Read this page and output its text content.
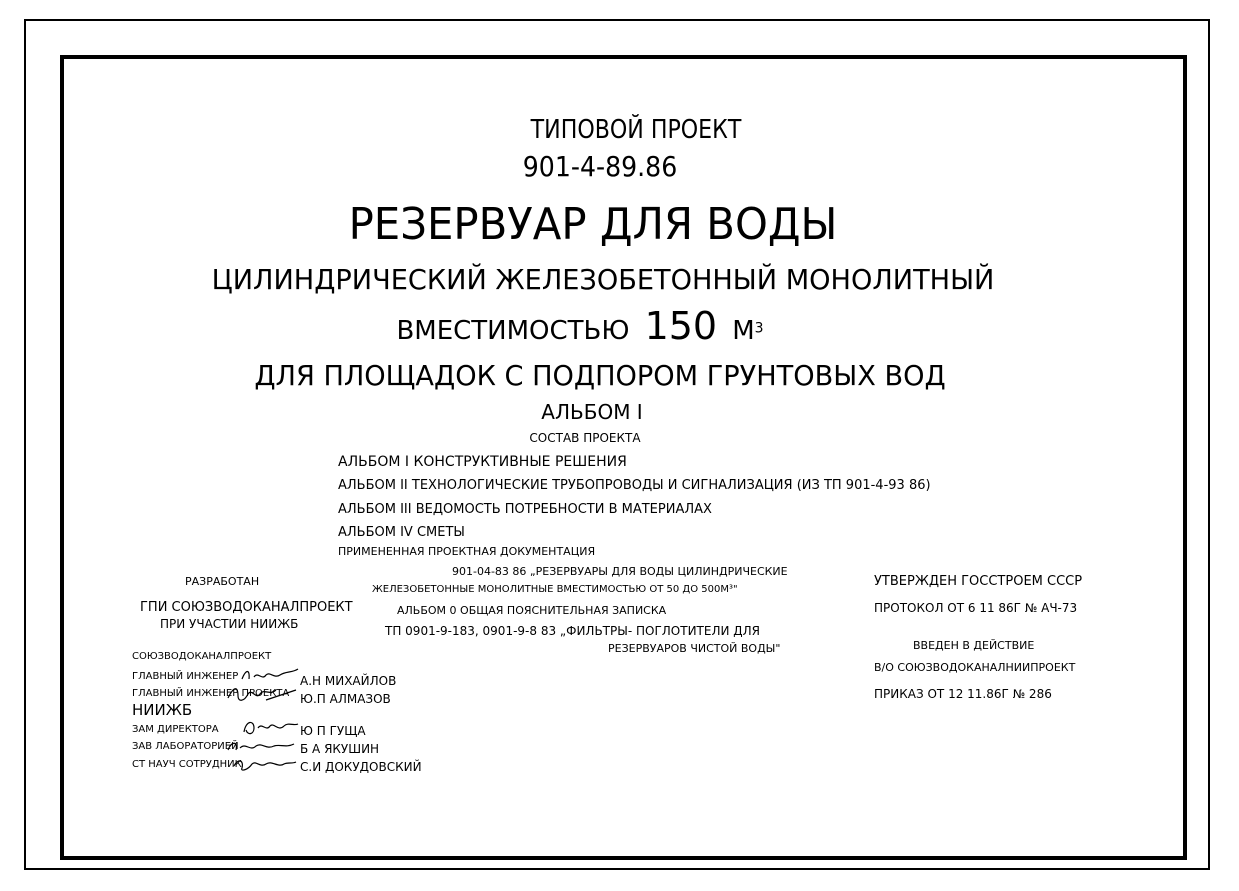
ТИПОВОЙ ПРОЕКТ
901-4-89.86
РЕЗЕРВУАР ДЛЯ ВОДЫ
ЦИЛИНДРИЧЕСКИЙ ЖЕЛЕЗОБЕТОННЫЙ МОНОЛИТНЫЙ
ВМЕСТИМОСТЬЮ 150 $М^3$
ДЛЯ ПЛОЩАДОК С ПОДПОРОМ ГРУНТОВЫХ ВОД
АЛЬБОМ I
СОСТАВ ПРОЕКТА
АЛЬБОМ I КОНСТРУКТИВНЫЕ РЕШЕНИЯ
АЛЬБОМ II ТЕХНОЛОГИЧЕСКИЕ ТРУБОПРОВОДЫ И СИГНАЛИЗАЦИЯ (ИЗ ТП 901-4-93 86)
АЛЬБОМ III ВЕДОМОСТЬ ПОТРЕБНОСТИ В МАТЕРИАЛАХ
АЛЬБОМ IV СМЕТЫ
ПРИМЕНЕННАЯ ПРОЕКТНАЯ ДОКУМЕНТАЦИЯ
901-04-83 86 „РЕЗЕРВУАРЫ ДЛЯ ВОДЫ ЦИЛИНДРИЧЕСКИЕ
ЖЕЛЕЗОБЕТОННЫЕ МОНОЛИТНЫЕ ВМЕСТИМОСТЬЮ ОТ 50 ДО 500М³"
АЛЬБОМ 0 ОБЩАЯ ПОЯСНИТЕЛЬНАЯ ЗАПИСКА
ТП 0901-9-183, 0901-9-8 83 „ФИЛЬТРЫ- ПОГЛОТИТЕЛИ ДЛЯ
РЕЗЕРВУАРОВ ЧИСТОЙ ВОДЫ"
РАЗРАБОТАН
ГПИ СОЮЗВОДОКАНАЛПРОЕКТ
ПРИ УЧАСТИИ НИИЖБ
СОЮЗВОДОКАНАЛПРОЕКТ
ГЛАВНЫЙ ИНЖЕНЕР
ГЛАВНЫЙ ИНЖЕНЕР ПРОЕКТА
НИИЖБ
ЗАМ ДИРЕКТОРА
ЗАВ ЛАБОРАТОРИЕЙ
СТ НАУЧ СОТРУДНИК
А.Н МИХАЙЛОВ
Ю.П АЛМАЗОВ
Ю П ГУЩА
Б А ЯКУШИН
С.И ДОКУДОВСКИЙ
УТВЕРЖДЕН ГОССТРОЕМ СССР
ПРОТОКОЛ ОТ 6 11 86Г № АЧ-73
ВВЕДЕН В ДЕЙСТВИЕ
В/О СОЮЗВОДОКАНАЛНИИПРОЕКТ
ПРИКАЗ ОТ 12 11.86Г № 286
